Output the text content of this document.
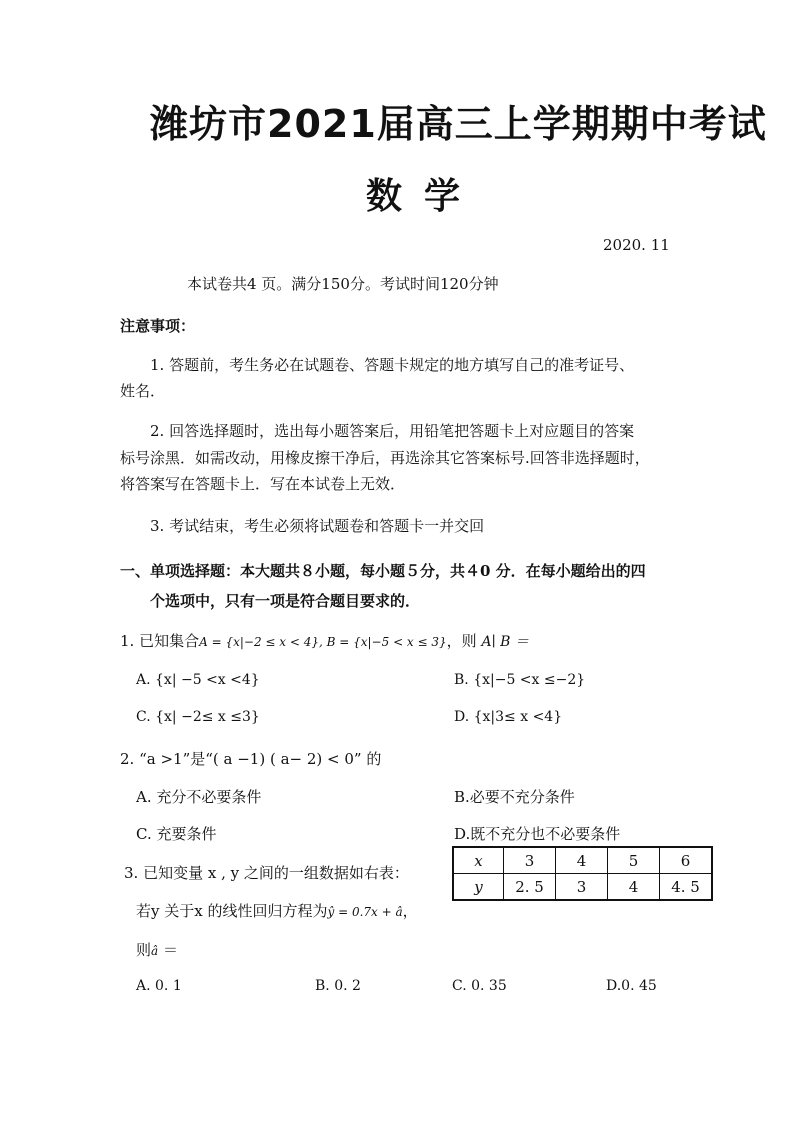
潍坊市2021届高三上学期期中考试
数学
2020. 11
本试卷共4 页。满分150分。考试时间120分钟
注意事项：
1. 答题前，考生务必在试题卷、答题卡规定的地方填写自己的准考证号、
姓名．
2. 回答选择题时，选出每小题答案后，用铅笔把答题卡上对应题目的答案
标号涂黑．如需改动，用橡皮擦干净后，再选涂其它答案标号.回答非选择题时，
将答案写在答题卡上．写在本试卷上无效．
3. 考试结束，考生必须将试题卷和答题卡一并交回
一、单项选择题：本大题共８小题，每小题５分，共４0 分．在每小题给出的四
个选项中，只有一项是符合题目要求的．
1. 已知集合A = {x|−2 ≤ x < 4}, B = {x|−5 < x ≤ 3}，则 A∣ B ＝
A. {x| −5 <x <4}	B. {x|−5 <x ≤−2}
C. {x| −2≤ x ≤3}	D. {x|3≤ x <4}
2. “a >1”是“( a −1) ( a− 2) < 0” 的
A. 充分不必要条件	B.必要不充分条件
C. 充要条件	D.既不充分也不必要条件
3. 已知变量 x , y 之间的一组数据如右表：
若y 关于x 的线性回归方程为ŷ = 0.7x + â，
则â ＝
x	3	4	5	6
y	2. 5	3	4	4. 5
A. 0. 1	B. 0. 2	C. 0. 35	D.0. 45
